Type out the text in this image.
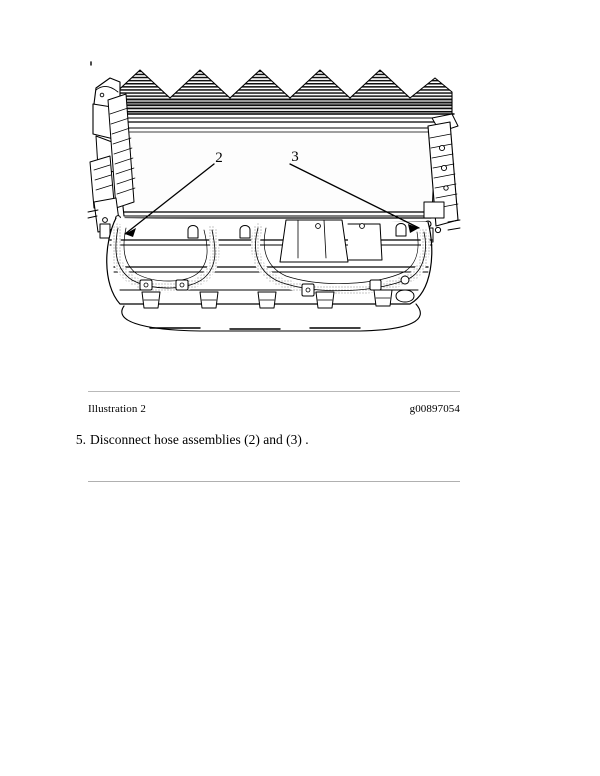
2	3
Illustration 2	g00897054
5. Disconnect hose assemblies (2) and (3) .
